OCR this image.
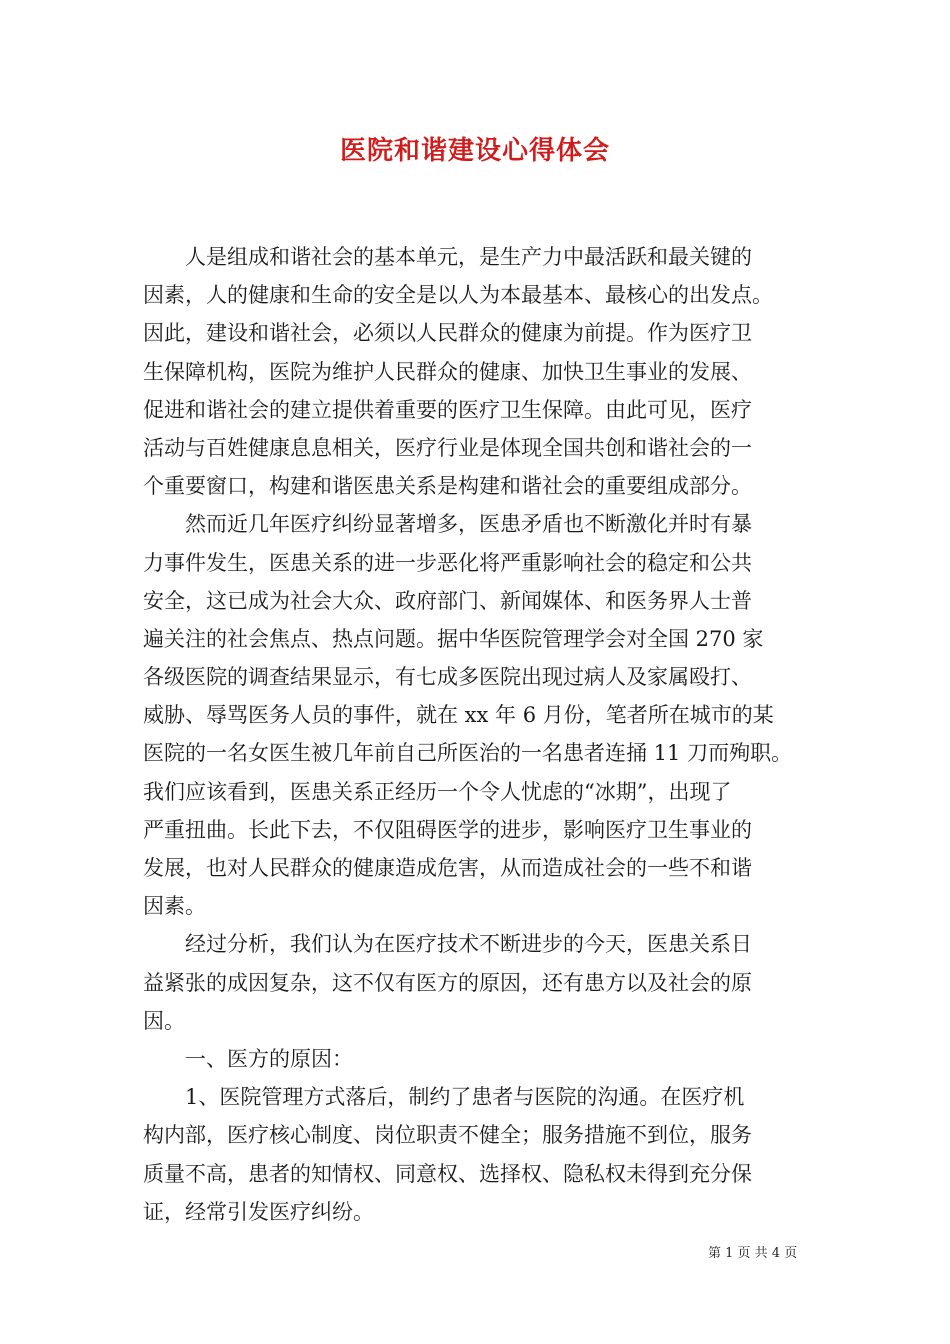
医院和谐建设心得体会
人是组成和谐社会的基本单元，是生产力中最活跃和最关键的
因素，人的健康和生命的安全是以人为本最基本、最核心的出发点。
因此，建设和谐社会，必须以人民群众的健康为前提。作为医疗卫
生保障机构，医院为维护人民群众的健康、加快卫生事业的发展、
促进和谐社会的建立提供着重要的医疗卫生保障。由此可见，医疗
活动与百姓健康息息相关，医疗行业是体现全国共创和谐社会的一
个重要窗口，构建和谐医患关系是构建和谐社会的重要组成部分。
然而近几年医疗纠纷显著增多，医患矛盾也不断激化并时有暴
力事件发生，医患关系的进一步恶化将严重影响社会的稳定和公共
安全，这已成为社会大众、政府部门、新闻媒体、和医务界人士普
遍关注的社会焦点、热点问题。据中华医院管理学会对全国 270 家
各级医院的调查结果显示，有七成多医院出现过病人及家属殴打、
威胁、辱骂医务人员的事件，就在 xx 年 6 月份，笔者所在城市的某
医院的一名女医生被几年前自己所医治的一名患者连捅 11 刀而殉职。
我们应该看到，医患关系正经历一个令人忧虑的“冰期”，出现了
严重扭曲。长此下去，不仅阻碍医学的进步，影响医疗卫生事业的
发展，也对人民群众的健康造成危害，从而造成社会的一些不和谐
因素。
经过分析，我们认为在医疗技术不断进步的今天，医患关系日
益紧张的成因复杂，这不仅有医方的原因，还有患方以及社会的原
因。
一、医方的原因：
1、医院管理方式落后，制约了患者与医院的沟通。在医疗机
构内部，医疗核心制度、岗位职责不健全；服务措施不到位，服务
质量不高，患者的知情权、同意权、选择权、隐私权未得到充分保
证，经常引发医疗纠纷。
第 1 页 共 4 页
